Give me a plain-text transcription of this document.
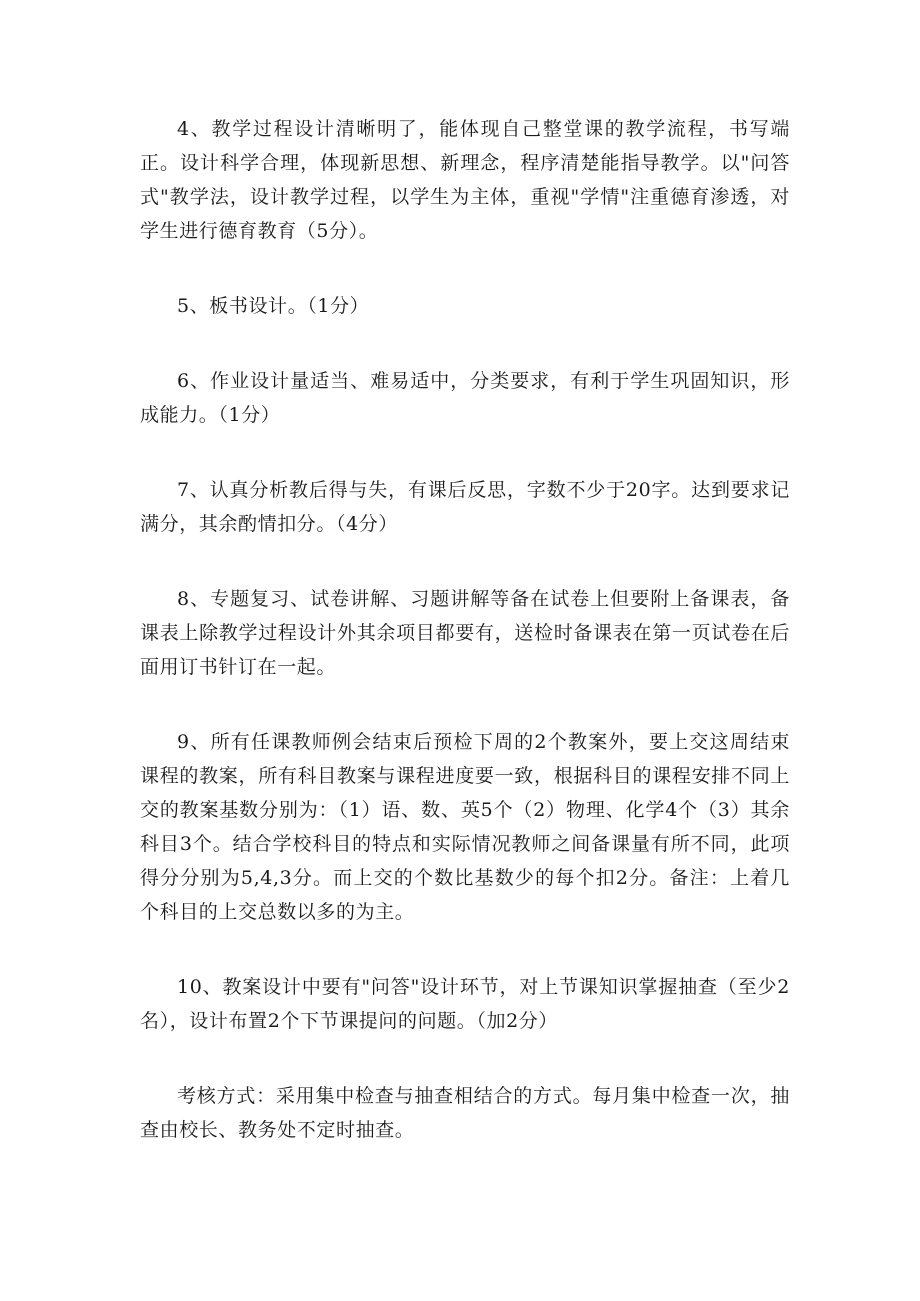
4、教学过程设计清晰明了，能体现自己整堂课的教学流程，书写端正。设计科学合理，体现新思想、新理念，程序清楚能指导教学。以"问答式"教学法，设计教学过程，以学生为主体，重视"学情"注重德育渗透，对学生进行德育教育（5分）。

5、板书设计。（1分）

6、作业设计量适当、难易适中，分类要求，有利于学生巩固知识，形成能力。（1分）

7、认真分析教后得与失，有课后反思，字数不少于20字。达到要求记满分，其余酌情扣分。（4分）

8、专题复习、试卷讲解、习题讲解等备在试卷上但要附上备课表，备课表上除教学过程设计外其余项目都要有，送检时备课表在第一页试卷在后面用订书针订在一起。

9、所有任课教师例会结束后预检下周的2个教案外，要上交这周结束课程的教案，所有科目教案与课程进度要一致，根据科目的课程安排不同上交的教案基数分别为：（1）语、数、英5个（2）物理、化学4个（3）其余科目3个。结合学校科目的特点和实际情况教师之间备课量有所不同，此项得分分别为5,4,3分。而上交的个数比基数少的每个扣2分。备注：上着几个科目的上交总数以多的为主。

10、教案设计中要有"问答"设计环节，对上节课知识掌握抽查（至少2名），设计布置2个下节课提问的问题。（加2分）

考核方式：采用集中检查与抽查相结合的方式。每月集中检查一次，抽查由校长、教务处不定时抽查。
